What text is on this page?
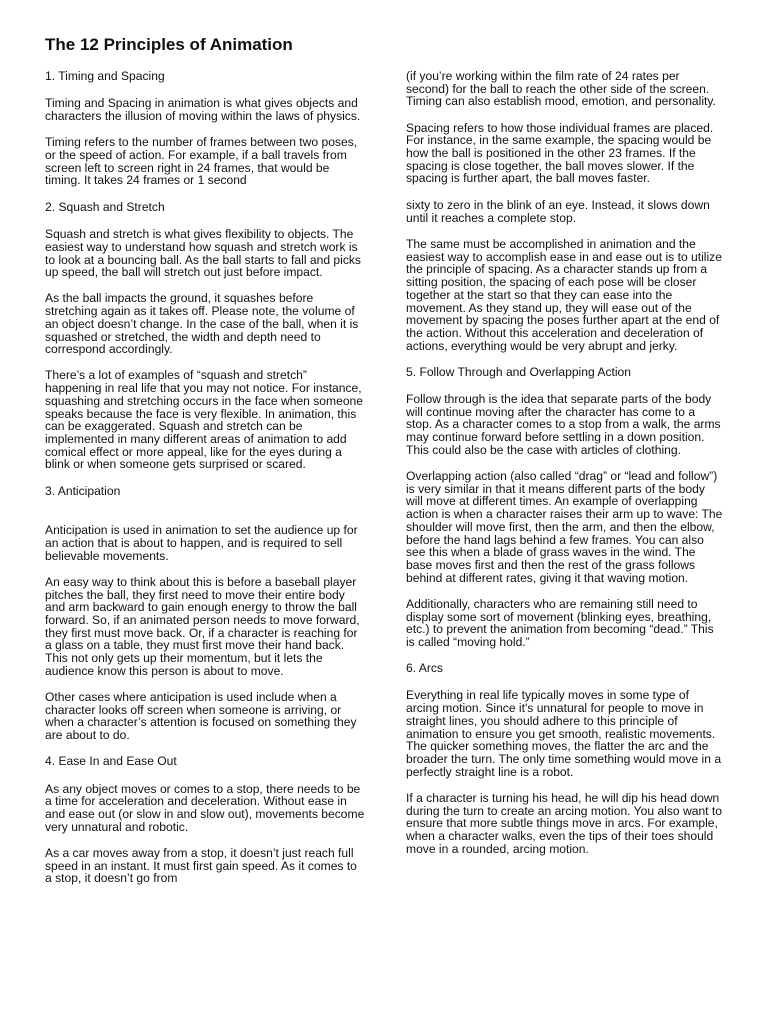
The 12 Principles of Animation
1. Timing and Spacing

Timing and Spacing in animation is what gives objects and characters the illusion of moving within the laws of physics.

Timing refers to the number of frames between two poses, or the speed of action. For example, if a ball travels from screen left to screen right in 24 frames, that would be timing. It takes 24 frames or 1 second

2. Squash and Stretch

Squash and stretch is what gives flexibility to objects. The easiest way to understand how squash and stretch work is to look at a bouncing ball. As the ball starts to fall and picks up speed, the ball will stretch out just before impact.

As the ball impacts the ground, it squashes before stretching again as it takes off. Please note, the volume of an object doesn’t change. In the case of the ball, when it is squashed or stretched, the width and depth need to correspond accordingly.

There’s a lot of examples of “squash and stretch” happening in real life that you may not notice. For instance, squashing and stretching occurs in the face when someone speaks because the face is very flexible. In animation, this can be exaggerated. Squash and stretch can be implemented in many different areas of animation to add comical effect or more appeal, like for the eyes during a blink or when someone gets surprised or scared.

3. Anticipation

Anticipation is used in animation to set the audience up for an action that is about to happen, and is required to sell believable movements.

An easy way to think about this is before a baseball player pitches the ball, they first need to move their entire body and arm backward to gain enough energy to throw the ball forward. So, if an animated person needs to move forward, they first must move back. Or, if a character is reaching for a glass on a table, they must first move their hand back. This not only gets up their momentum, but it lets the audience know this person is about to move.

Other cases where anticipation is used include when a character looks off screen when someone is arriving, or when a character’s attention is focused on something they are about to do.

4. Ease In and Ease Out

As any object moves or comes to a stop, there needs to be a time for acceleration and deceleration. Without ease in and ease out (or slow in and slow out), movements become very unnatural and robotic.

As a car moves away from a stop, it doesn’t just reach full speed in an instant. It must first gain speed. As it comes to a stop, it doesn’t go from

(if you’re working within the film rate of 24 rates per second) for the ball to reach the other side of the screen. Timing can also establish mood, emotion, and personality.

Spacing refers to how those individual frames are placed. For instance, in the same example, the spacing would be how the ball is positioned in the other 23 frames. If the spacing is close together, the ball moves slower. If the spacing is further apart, the ball moves faster.

sixty to zero in the blink of an eye. Instead, it slows down until it reaches a complete stop.

The same must be accomplished in animation and the easiest way to accomplish ease in and ease out is to utilize the principle of spacing. As a character stands up from a sitting position, the spacing of each pose will be closer together at the start so that they can ease into the movement. As they stand up, they will ease out of the movement by spacing the poses further apart at the end of the action. Without this acceleration and deceleration of actions, everything would be very abrupt and jerky.

5. Follow Through and Overlapping Action

Follow through is the idea that separate parts of the body will continue moving after the character has come to a stop. As a character comes to a stop from a walk, the arms may continue forward before settling in a down position. This could also be the case with articles of clothing.

Overlapping action (also called “drag” or “lead and follow”) is very similar in that it means different parts of the body will move at different times. An example of overlapping action is when a character raises their arm up to wave: The shoulder will move first, then the arm, and then the elbow, before the hand lags behind a few frames. You can also see this when a blade of grass waves in the wind. The base moves first and then the rest of the grass follows behind at different rates, giving it that waving motion.

Additionally, characters who are remaining still need to display some sort of movement (blinking eyes, breathing, etc.) to prevent the animation from becoming “dead.” This is called “moving hold.”

6. Arcs

Everything in real life typically moves in some type of arcing motion. Since it's unnatural for people to move in straight lines, you should adhere to this principle of animation to ensure you get smooth, realistic movements. The quicker something moves, the flatter the arc and the broader the turn. The only time something would move in a perfectly straight line is a robot.

If a character is turning his head, he will dip his head down during the turn to create an arcing motion. You also want to ensure that more subtle things move in arcs. For example, when a character walks, even the tips of their toes should move in a rounded, arcing motion.
